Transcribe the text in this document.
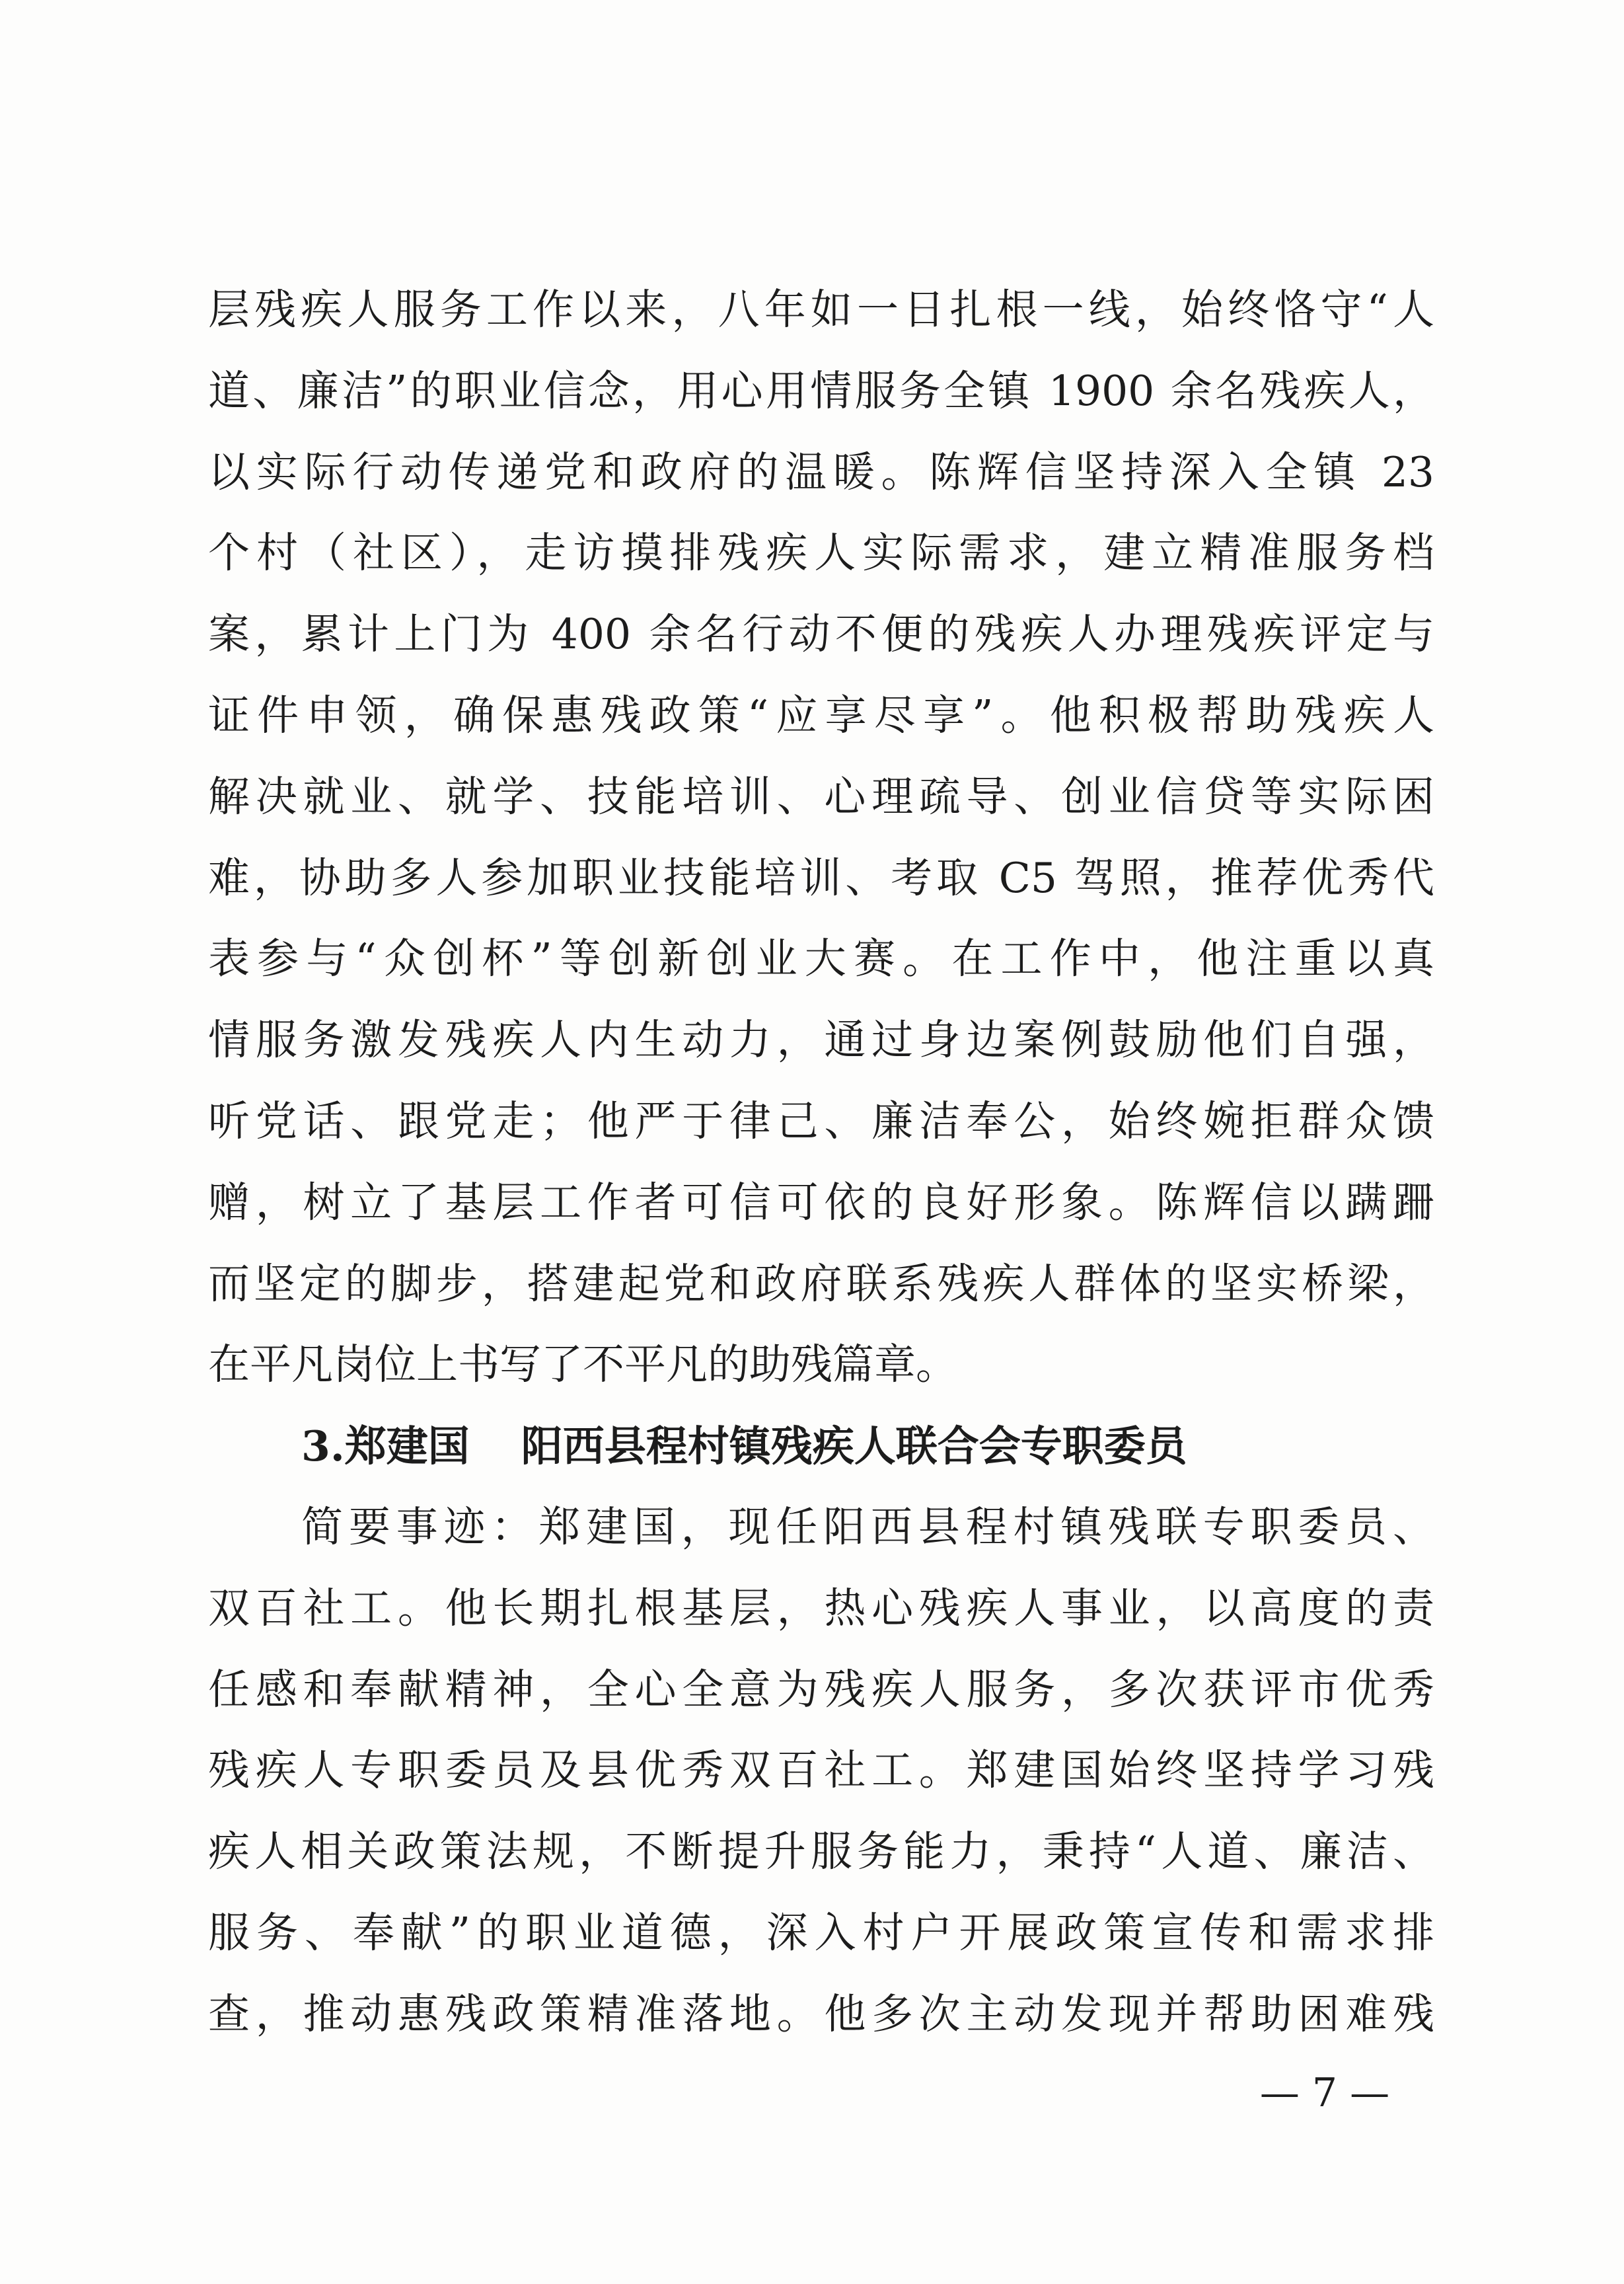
层残疾人服务工作以来，八年如一日扎根一线，始终恪守“人
道、廉洁”的职业信念，用心用情服务全镇 1900 余名残疾人，
以实际行动传递党和政府的温暖。陈辉信坚持深入全镇 23
个村（社区），走访摸排残疾人实际需求，建立精准服务档
案，累计上门为 400 余名行动不便的残疾人办理残疾评定与
证件申领，确保惠残政策“应享尽享”。他积极帮助残疾人
解决就业、就学、技能培训、心理疏导、创业信贷等实际困
难，协助多人参加职业技能培训、考取 C5 驾照，推荐优秀代
表参与“众创杯”等创新创业大赛。在工作中，他注重以真
情服务激发残疾人内生动力，通过身边案例鼓励他们自强，
听党话、跟党走；他严于律己、廉洁奉公，始终婉拒群众馈
赠，树立了基层工作者可信可依的良好形象。陈辉信以蹒跚
而坚定的脚步，搭建起党和政府联系残疾人群体的坚实桥梁，
在平凡岗位上书写了不平凡的助残篇章。
3.郑建国 阳西县程村镇残疾人联合会专职委员
简要事迹：郑建国，现任阳西县程村镇残联专职委员、
双百社工。他长期扎根基层，热心残疾人事业，以高度的责
任感和奉献精神，全心全意为残疾人服务，多次获评市优秀
残疾人专职委员及县优秀双百社工。郑建国始终坚持学习残
疾人相关政策法规，不断提升服务能力，秉持“人道、廉洁、
服务、奉献”的职业道德，深入村户开展政策宣传和需求排
查，推动惠残政策精准落地。他多次主动发现并帮助困难残
— 7 —
